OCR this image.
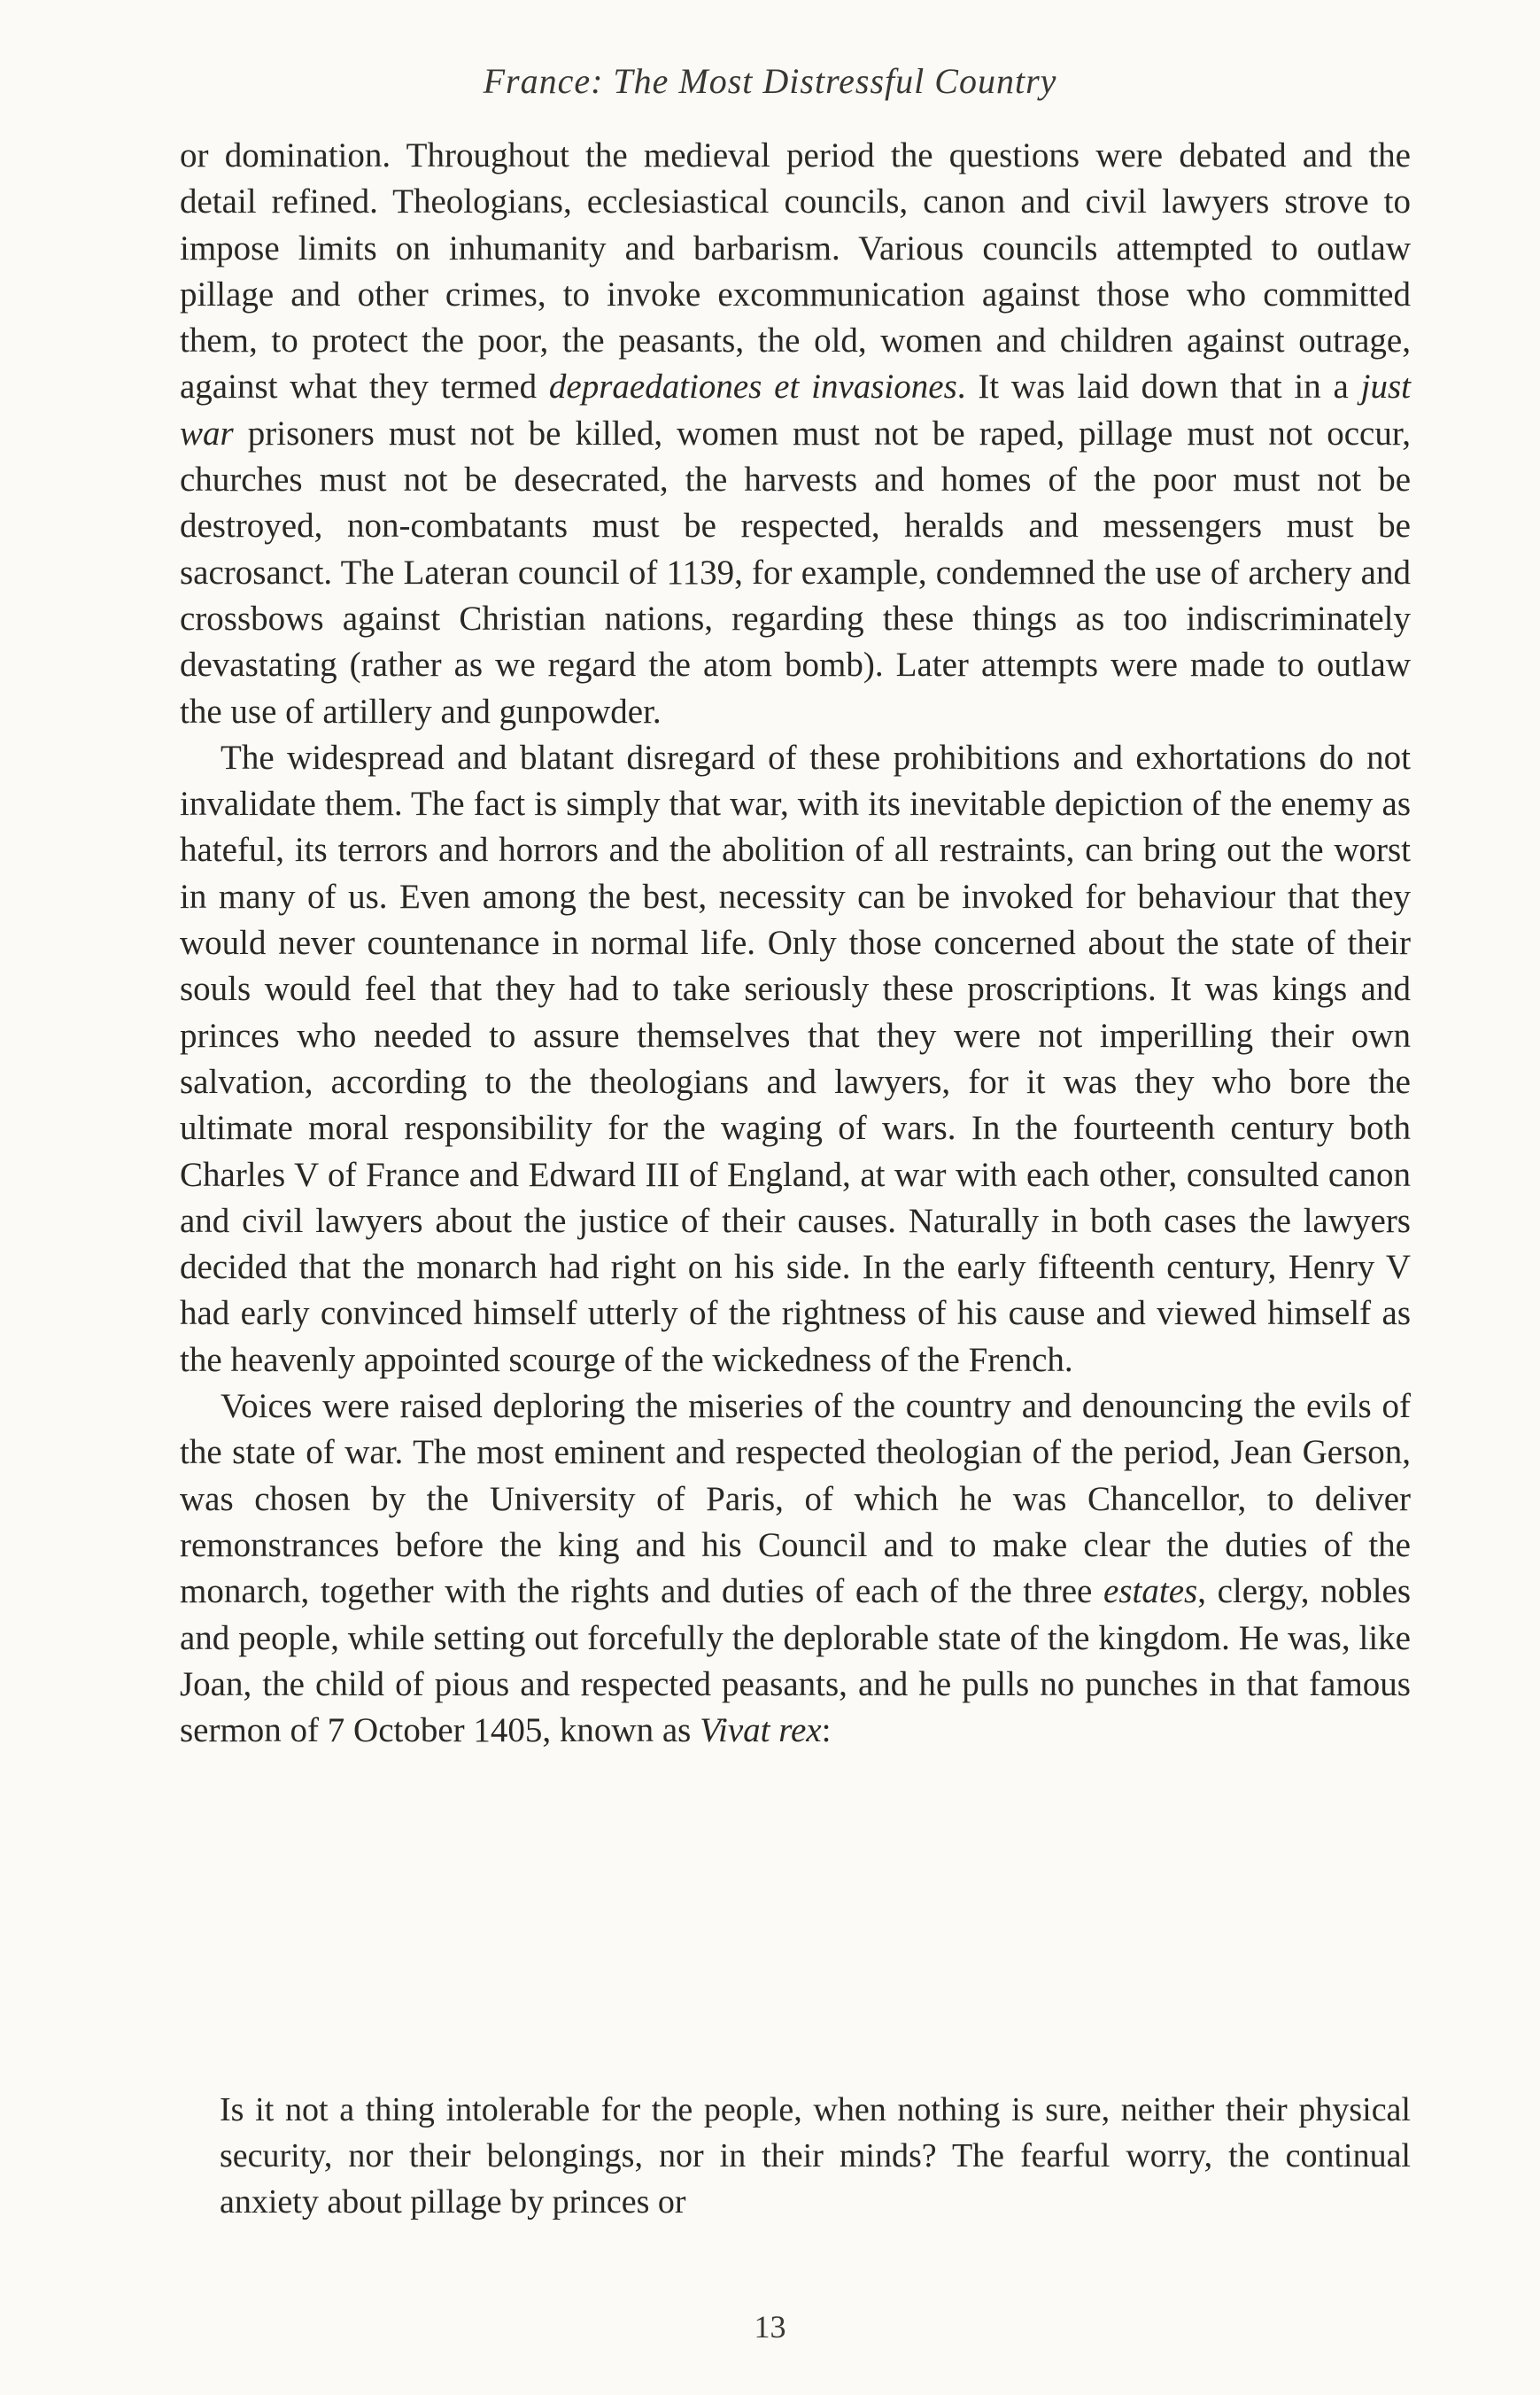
France: The Most Distressful Country

or domination. Throughout the medieval period the questions were debated and the detail refined. Theologians, ecclesiastical councils, canon and civil lawyers strove to impose limits on inhumanity and barbarism. Various councils attempted to outlaw pillage and other crimes, to invoke excommunication against those who committed them, to protect the poor, the peasants, the old, women and children against outrage, against what they termed depraedationes et invasiones. It was laid down that in a just war prisoners must not be killed, women must not be raped, pillage must not occur, churches must not be desecrated, the harvests and homes of the poor must not be destroyed, non-combatants must be respected, heralds and messengers must be sacrosanct. The Lateran council of 1139, for example, condemned the use of archery and crossbows against Christian nations, regarding these things as too indiscriminately devastating (rather as we regard the atom bomb). Later attempts were made to outlaw the use of artillery and gunpowder.

The widespread and blatant disregard of these prohibitions and exhortations do not invalidate them. The fact is simply that war, with its inevitable depiction of the enemy as hateful, its terrors and horrors and the abolition of all restraints, can bring out the worst in many of us. Even among the best, necessity can be invoked for behaviour that they would never countenance in normal life. Only those concerned about the state of their souls would feel that they had to take seriously these proscriptions. It was kings and princes who needed to assure themselves that they were not imperilling their own salvation, according to the theologians and lawyers, for it was they who bore the ultimate moral responsibility for the waging of wars. In the fourteenth century both Charles V of France and Edward III of England, at war with each other, consulted canon and civil lawyers about the justice of their causes. Naturally in both cases the lawyers decided that the monarch had right on his side. In the early fifteenth century, Henry V had early convinced himself utterly of the rightness of his cause and viewed himself as the heavenly appointed scourge of the wickedness of the French.

Voices were raised deploring the miseries of the country and denouncing the evils of the state of war. The most eminent and respected theologian of the period, Jean Gerson, was chosen by the University of Paris, of which he was Chancellor, to deliver remonstrances before the king and his Council and to make clear the duties of the monarch, together with the rights and duties of each of the three estates, clergy, nobles and people, while setting out forcefully the deplorable state of the kingdom. He was, like Joan, the child of pious and respected peasants, and he pulls no punches in that famous sermon of 7 October 1405, known as Vivat rex:

Is it not a thing intolerable for the people, when nothing is sure, neither their physical security, nor their belongings, nor in their minds? The fearful worry, the continual anxiety about pillage by princes or

13
